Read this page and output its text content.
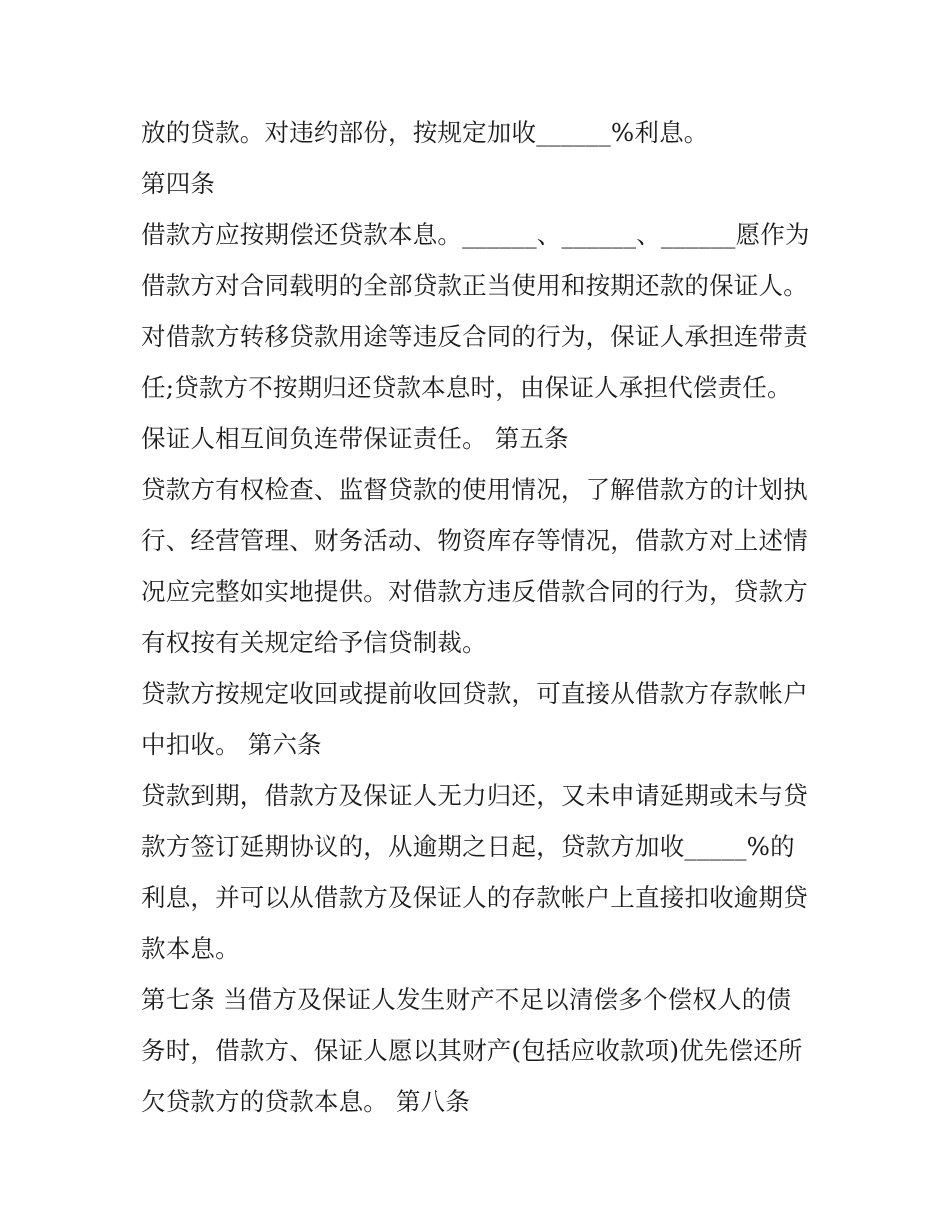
放的贷款。对违约部份，按规定加收______%利息。
第四条
借款方应按期偿还贷款本息。______、______、______愿作为
借款方对合同载明的全部贷款正当使用和按期还款的保证人。
对借款方转移贷款用途等违反合同的行为，保证人承担连带责
任;贷款方不按期归还贷款本息时，由保证人承担代偿责任。
保证人相互间负连带保证责任。 第五条
贷款方有权检查、监督贷款的使用情况，了解借款方的计划执
行、经营管理、财务活动、物资库存等情况，借款方对上述情
况应完整如实地提供。对借款方违反借款合同的行为，贷款方
有权按有关规定给予信贷制裁。
贷款方按规定收回或提前收回贷款，可直接从借款方存款帐户
中扣收。 第六条
贷款到期，借款方及保证人无力归还，又未申请延期或未与贷
款方签订延期协议的，从逾期之日起，贷款方加收_____%的
利息，并可以从借款方及保证人的存款帐户上直接扣收逾期贷
款本息。
第七条 当借方及保证人发生财产不足以清偿多个偿权人的债
务时，借款方、保证人愿以其财产(包括应收款项)优先偿还所
欠贷款方的贷款本息。 第八条
